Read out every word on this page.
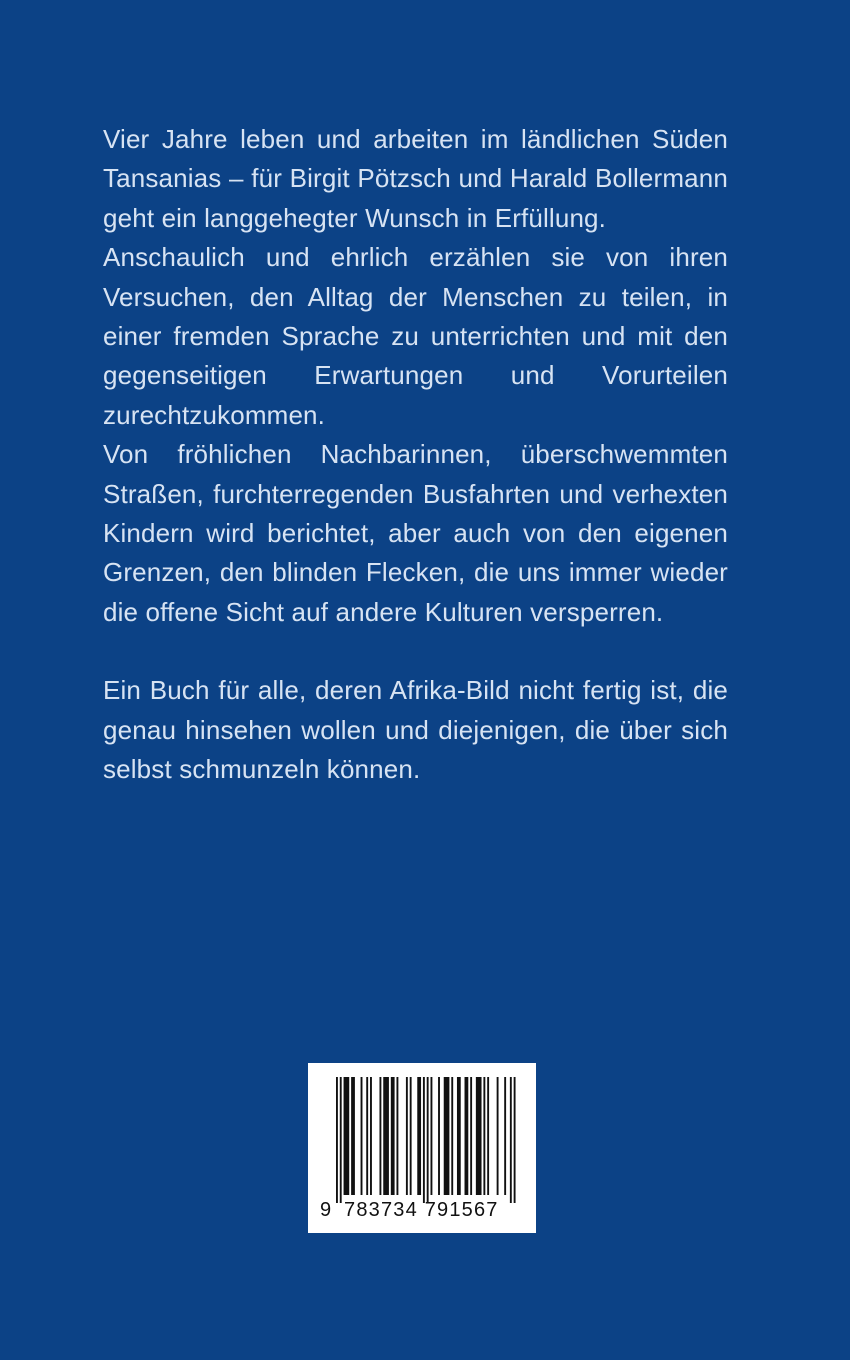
Vier Jahre leben und arbeiten im ländlichen Süden Tansanias – für Birgit Pötzsch und Harald Bollermann geht ein langgehegter Wunsch in Erfüllung.

Anschaulich und ehrlich erzählen sie von ihren Versuchen, den Alltag der Menschen zu teilen, in einer fremden Sprache zu unterrichten und mit den gegenseitigen Erwartungen und Vorurteilen zurechtzukommen.

Von fröhlichen Nachbarinnen, überschwemmten Straßen, furchterregenden Busfahrten und verhexten Kindern wird berichtet, aber auch von den eigenen Grenzen, den blinden Flecken, die uns immer wieder die offene Sicht auf andere Kulturen versperren.

Ein Buch für alle, deren Afrika-Bild nicht fertig ist, die genau hinsehen wollen und diejenigen, die über sich selbst schmunzeln können.

9 783734 791567
